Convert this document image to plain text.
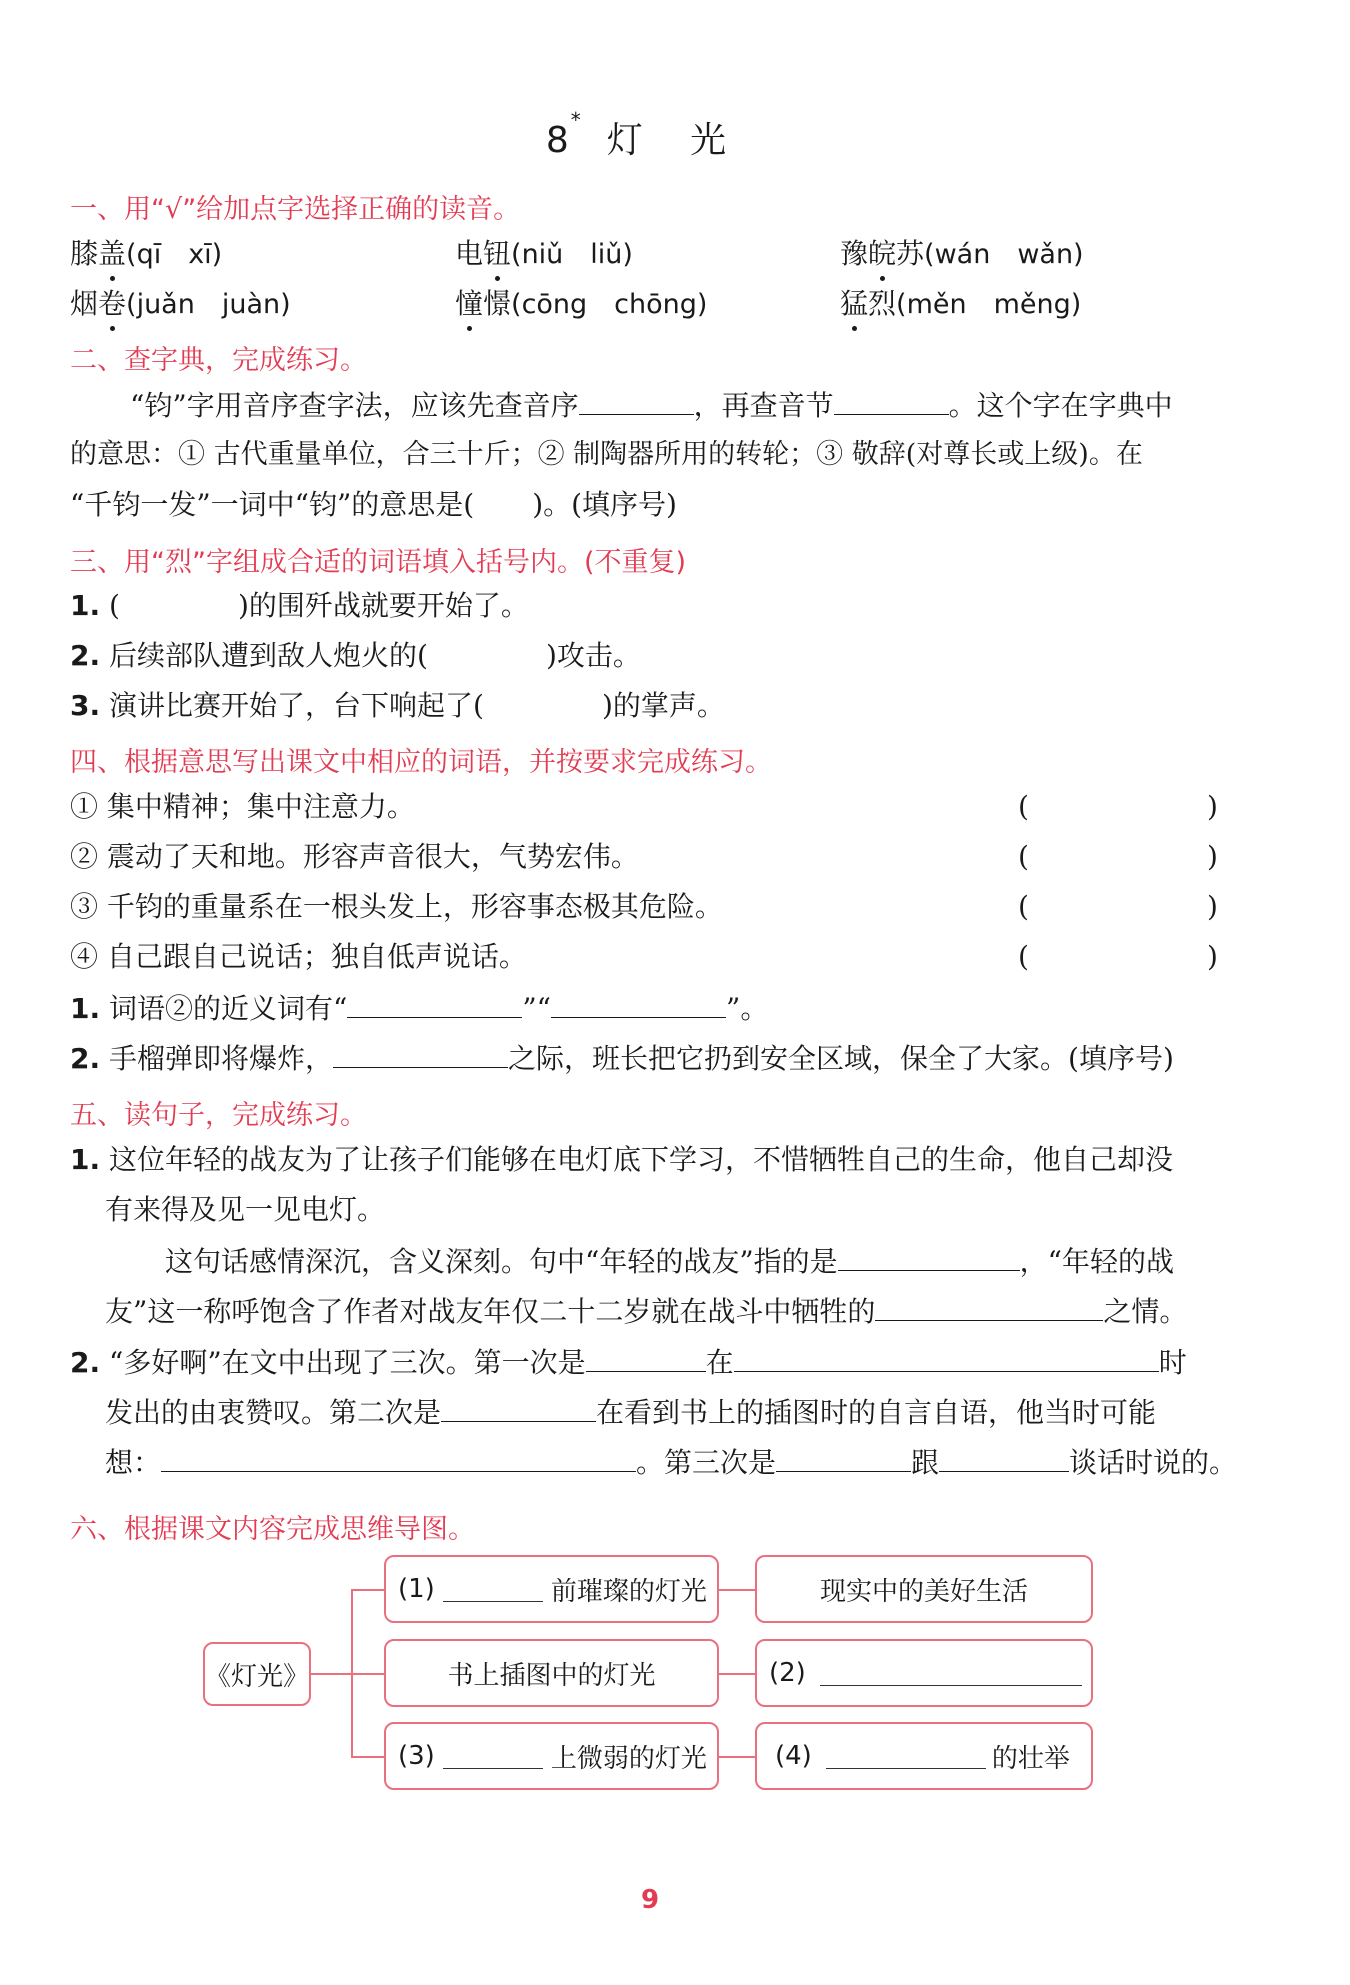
8* 灯 光
一、用“√”给加点字选择正确的读音。
膝盖(qī　xī)	电钮(niǔ　liǔ)	豫皖苏(wán　wǎn)
烟卷(juǎn　juàn)	憧憬(cōng　chōng)	猛烈(měn　měng)
二、查字典，完成练习。
“钧”字用音序查字法，应该先查音序	，再查音节	。这个字在字典中
的意思：① 古代重量单位，合三十斤；② 制陶器所用的转轮；③ 敬辞(对尊长或上级)。在
“千钧一发”一词中“钧”的意思是( )。(填序号)
三、用“烈”字组成合适的词语填入括号内。(不重复)
1. (	)的围歼战就要开始了。
2. 后续部队遭到敌人炮火的(	)攻击。
3. 演讲比赛开始了，台下响起了(	)的掌声。
四、根据意思写出课文中相应的词语，并按要求完成练习。
① 集中精神；集中注意力。	(	)
② 震动了天和地。形容声音很大，气势宏伟。	(	)
③ 千钧的重量系在一根头发上，形容事态极其危险。	(	)
④ 自己跟自己说话；独自低声说话。	(	)
1. 词语②的近义词有“	”“	”。
2. 手榴弹即将爆炸，	之际，班长把它扔到安全区域，保全了大家。(填序号)
五、读句子，完成练习。
1. 这位年轻的战友为了让孩子们能够在电灯底下学习，不惜牺牲自己的生命，他自己却没
有来得及见一见电灯。
这句话感情深沉，含义深刻。句中“年轻的战友”指的是	，“年轻的战
友”这一称呼饱含了作者对战友年仅二十二岁就在战斗中牺牲的	之情。
2. “多好啊”在文中出现了三次。第一次是	在	时
发出的由衷赞叹。第二次是	在看到书上的插图时的自言自语，他当时可能
想：	。第三次是	跟	谈话时说的。
六、根据课文内容完成思维导图。
《灯光》
(1)	前璀璨的灯光
书上插图中的灯光
(3)	上微弱的灯光
现实中的美好生活
(2)
(4)	的壮举
9
